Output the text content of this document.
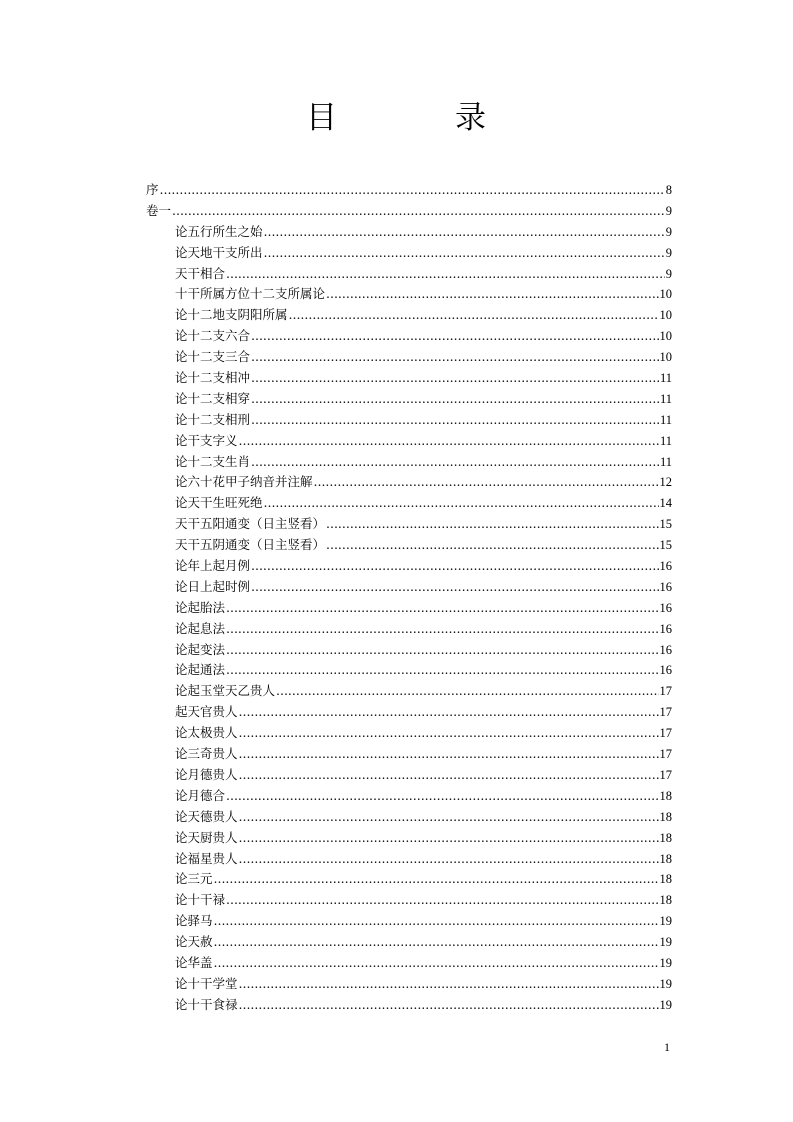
目	录
序 .....	8
卷一 .....	9
论五行所生之始 .....	9
论天地干支所出 .....	9
天干相合 .....	9
十干所属方位十二支所属论 .....	10
论十二地支阴阳所属 .....	10
论十二支六合 .....	10
论十二支三合 .....	10
论十二支相冲 .....	11
论十二支相穿 .....	11
论十二支相刑 .....	11
论干支字义 .....	11
论十二支生肖 .....	11
论六十花甲子纳音并注解 .....	12
论天干生旺死绝 .....	14
天干五阳通变（日主竖看） .....	15
天干五阴通变（日主竖看） .....	15
论年上起月例 .....	16
论日上起时例 .....	16
论起胎法 .....	16
论起息法 .....	16
论起变法 .....	16
论起通法 .....	16
论起玉堂天乙贵人 .....	17
起天官贵人 .....	17
论太极贵人 .....	17
论三奇贵人 .....	17
论月德贵人 .....	17
论月德合 .....	18
论天德贵人 .....	18
论天厨贵人 .....	18
论福星贵人 .....	18
论三元 .....	18
论十干禄 .....	18
论驿马 .....	19
论天赦 .....	19
论华盖 .....	19
论十干学堂 .....	19
论十干食禄 .....	19
1
